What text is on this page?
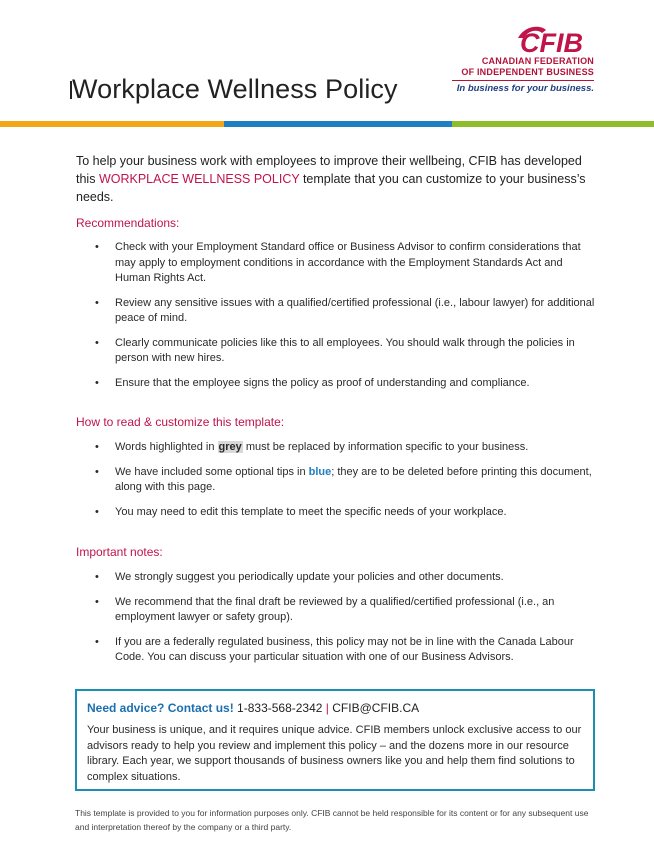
Workplace Wellness Policy
CFIB
CANADIAN FEDERATION
OF INDEPENDENT BUSINESS
In business for your business.

To help your business work with employees to improve their wellbeing, CFIB has developed this WORKPLACE WELLNESS POLICY template that you can customize to your business’s needs.

Recommendations:
• Check with your Employment Standard office or Business Advisor to confirm considerations that may apply to employment conditions in accordance with the Employment Standards Act and Human Rights Act.
• Review any sensitive issues with a qualified/certified professional (i.e., labour lawyer) for additional peace of mind.
• Clearly communicate policies like this to all employees. You should walk through the policies in person with new hires.
• Ensure that the employee signs the policy as proof of understanding and compliance.
How to read & customize this template:
• Words highlighted in grey must be replaced by information specific to your business.
• We have included some optional tips in blue; they are to be deleted before printing this document, along with this page.
• You may need to edit this template to meet the specific needs of your workplace.
Important notes:
• We strongly suggest you periodically update your policies and other documents.
• We recommend that the final draft be reviewed by a qualified/certified professional (i.e., an employment lawyer or safety group).
• If you are a federally regulated business, this policy may not be in line with the Canada Labour Code. You can discuss your particular situation with one of our Business Advisors.
Need advice? Contact us! 1-833-568-2342 | CFIB@CFIB.CA
Your business is unique, and it requires unique advice. CFIB members unlock exclusive access to our advisors ready to help you review and implement this policy – and the dozens more in our resource library. Each year, we support thousands of business owners like you and help them find solutions to complex situations.
This template is provided to you for information purposes only. CFIB cannot be held responsible for its content or for any subsequent use and interpretation thereof by the company or a third party.
